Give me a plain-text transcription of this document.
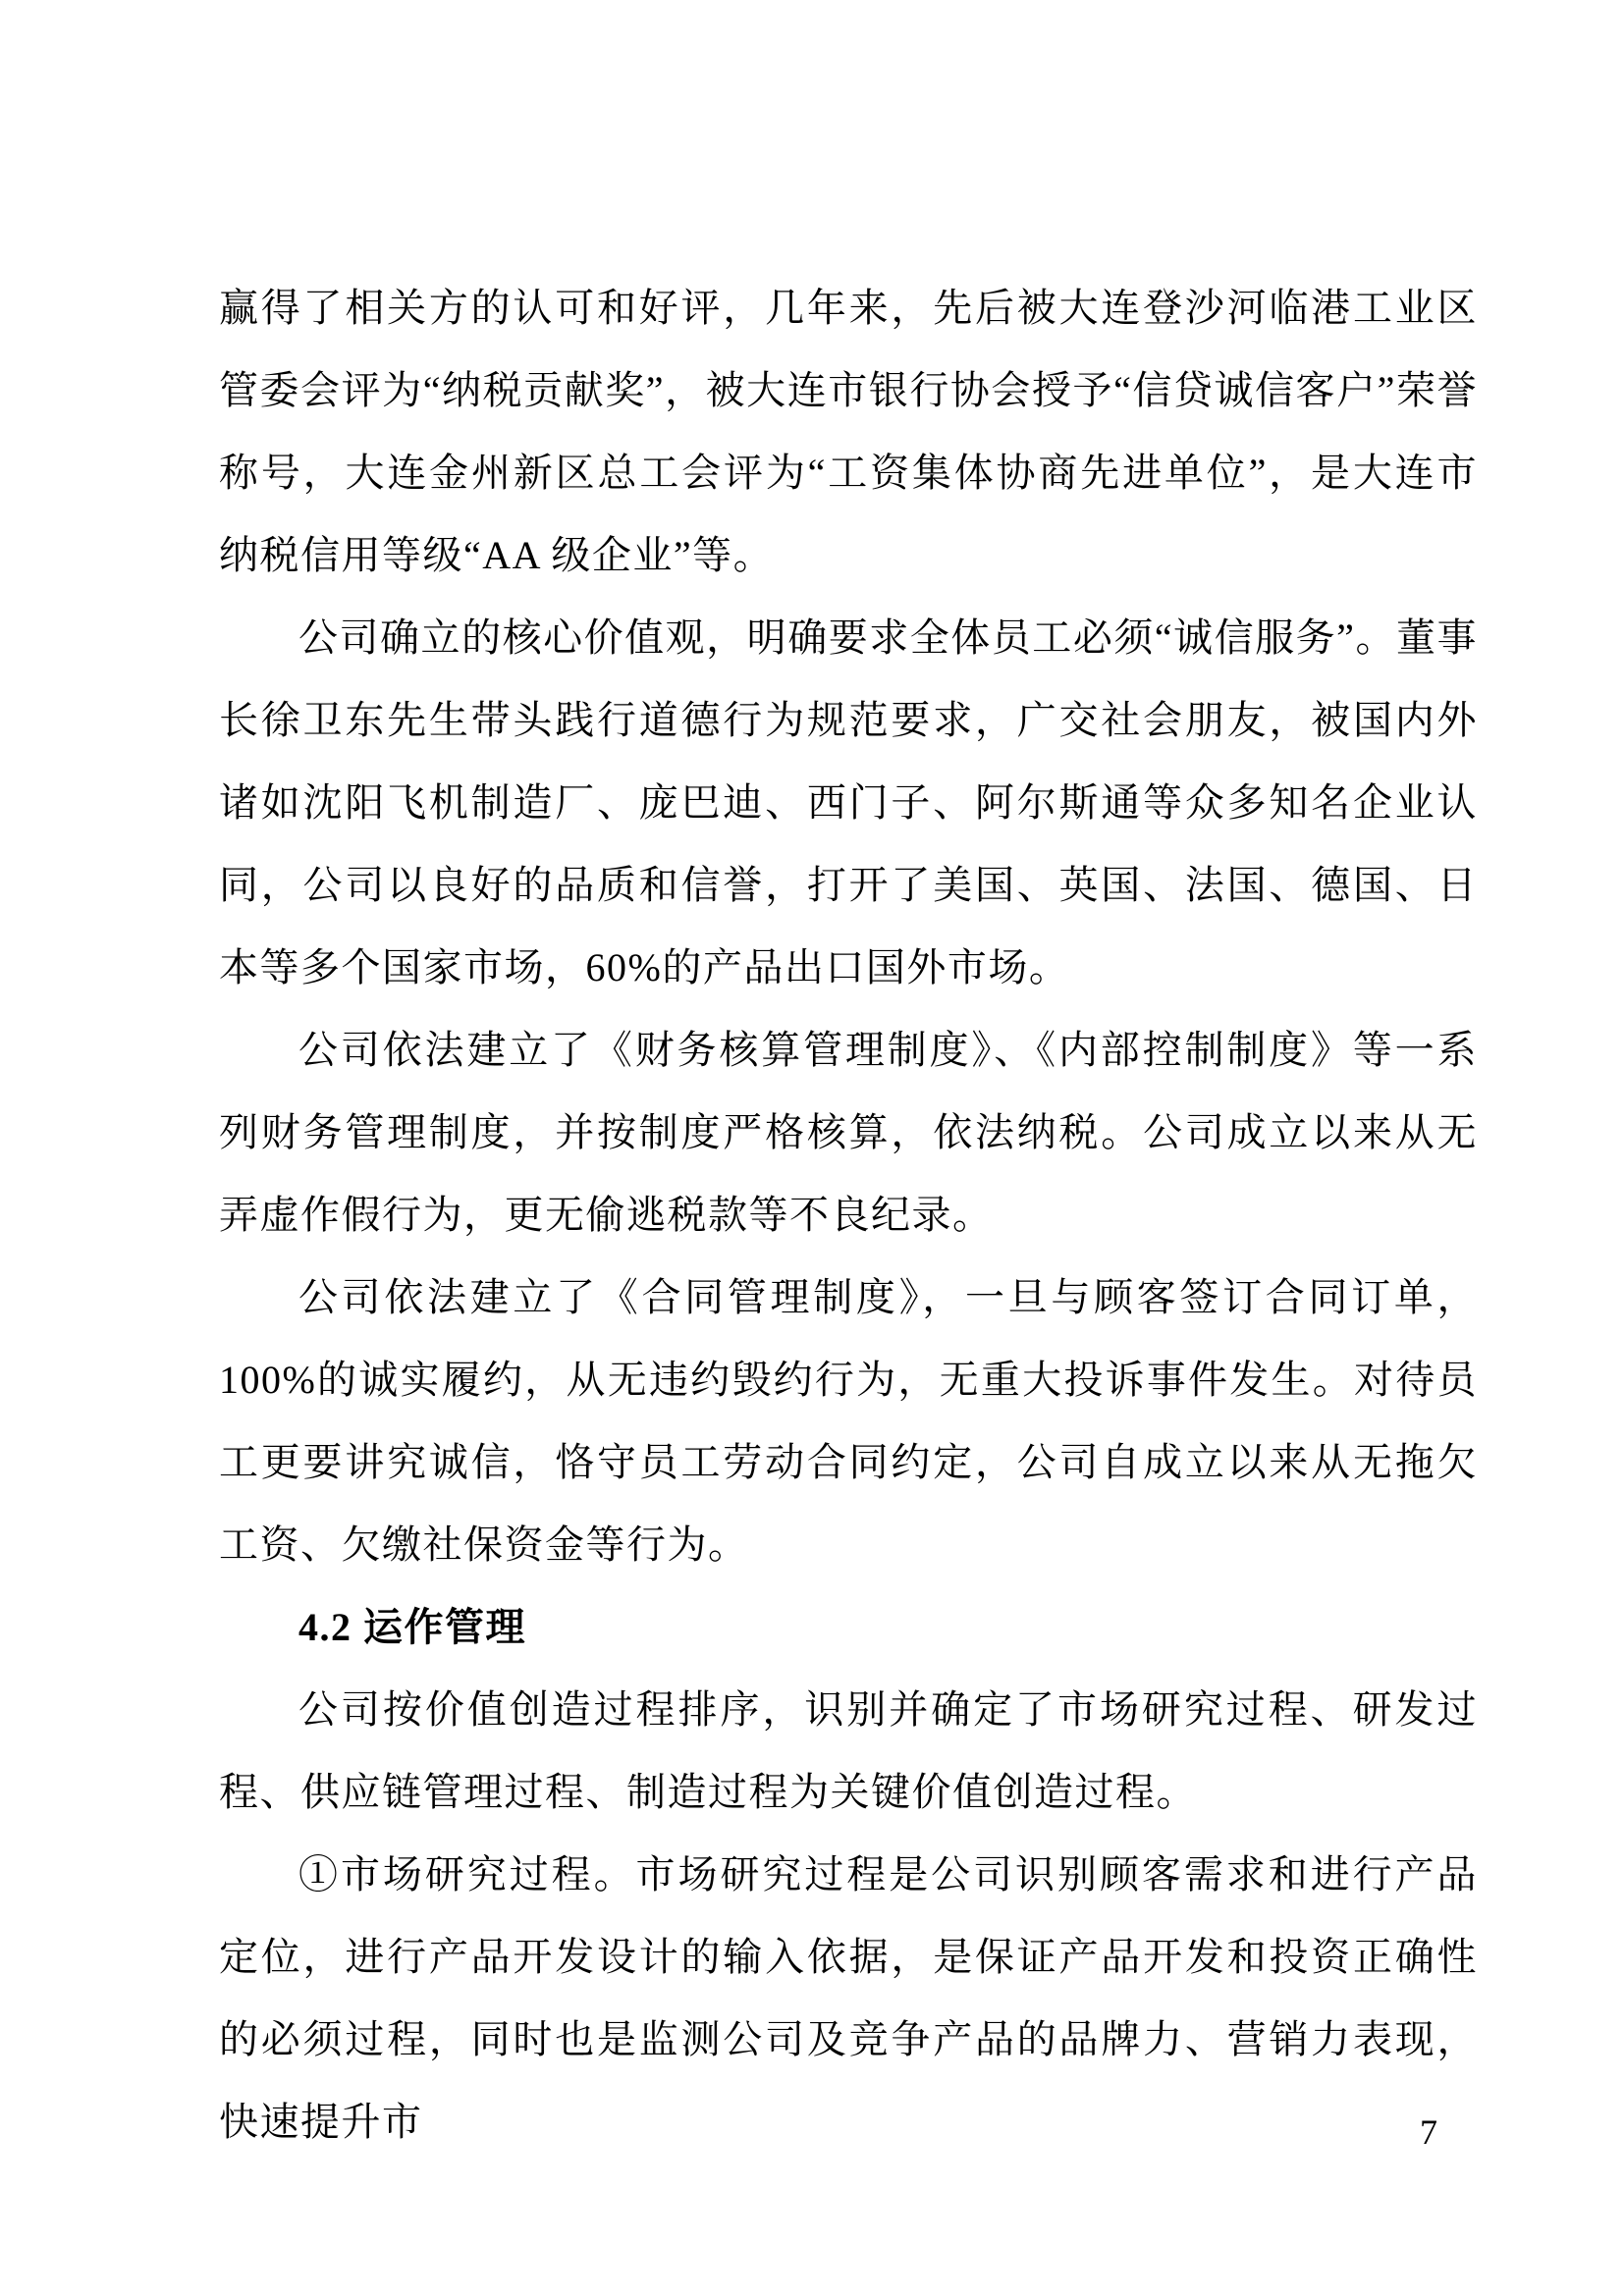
赢得了相关方的认可和好评，几年来，先后被大连登沙河临港工业区管委会评为“纳税贡献奖”，被大连市银行协会授予“信贷诚信客户”荣誉称号，大连金州新区总工会评为“工资集体协商先进单位”，是大连市纳税信用等级“AA 级企业”等。

公司确立的核心价值观，明确要求全体员工必须“诚信服务”。董事长徐卫东先生带头践行道德行为规范要求，广交社会朋友，被国内外诸如沈阳飞机制造厂、庞巴迪、西门子、阿尔斯通等众多知名企业认同，公司以良好的品质和信誉，打开了美国、英国、法国、德国、日本等多个国家市场，60%的产品出口国外市场。

公司依法建立了《财务核算管理制度》、《内部控制制度》等一系列财务管理制度，并按制度严格核算，依法纳税。公司成立以来从无弄虚作假行为，更无偷逃税款等不良纪录。

公司依法建立了《合同管理制度》，一旦与顾客签订合同订单，100%的诚实履约，从无违约毁约行为，无重大投诉事件发生。对待员工更要讲究诚信，恪守员工劳动合同约定，公司自成立以来从无拖欠工资、欠缴社保资金等行为。

4.2 运作管理

公司按价值创造过程排序，识别并确定了市场研究过程、研发过程、供应链管理过程、制造过程为关键价值创造过程。

①市场研究过程。市场研究过程是公司识别顾客需求和进行产品定位，进行产品开发设计的输入依据，是保证产品开发和投资正确性的必须过程，同时也是监测公司及竞争产品的品牌力、营销力表现，快速提升市	7
